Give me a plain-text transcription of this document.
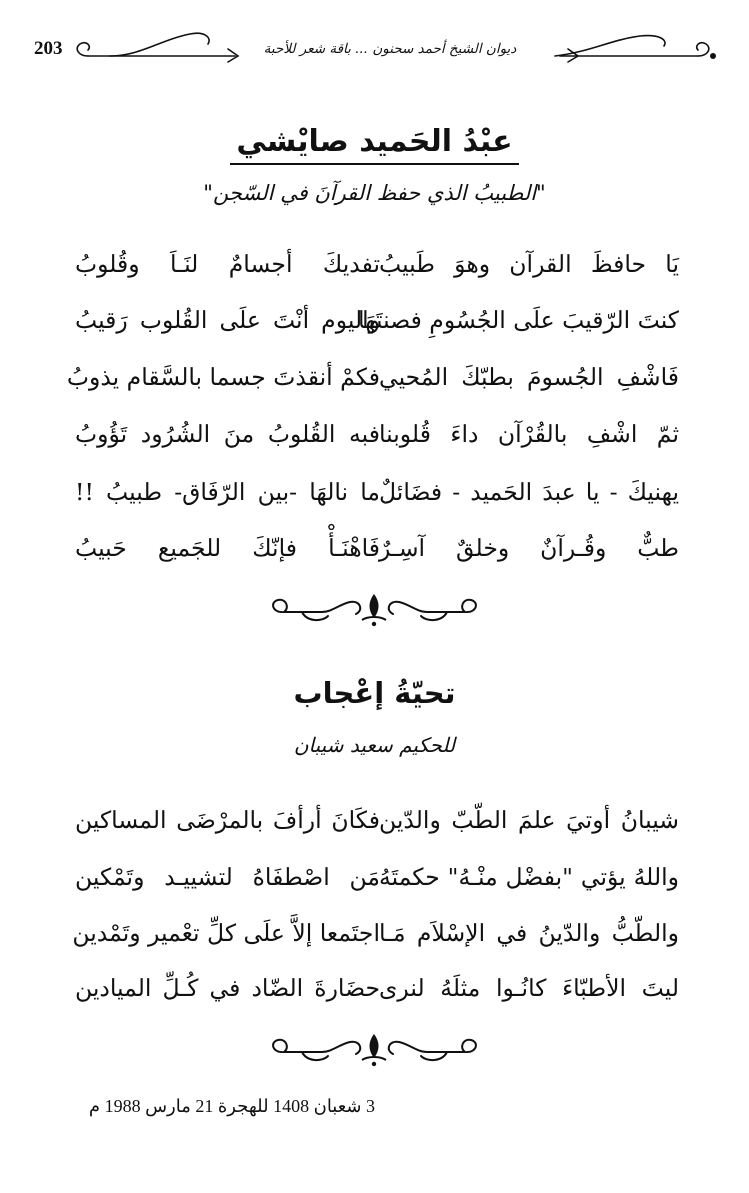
203	ديوان الشيخ أحمد سحنون ... باقة شعر للأحبة
عبْدُ الحَميد صايْشي
"الطبيبُ الذي حفظ القرآنَ في السّجن"
يَا حافظَ القرآن وهوَ طَبيبُ
تفديكَ أجسامٌ لنَـاَ وقُلوبُ
كنتَ الرّقيبَ علَى الجُسُومِ فصنتَهَا
واليوم أنْتَ علَى القُلوب رَقيبُ
فَاشْفِ الجُسومَ بطبّكَ المُحيي
فكمْ أنقذتَ جسما بالسَّقام يذوبُ
ثمّ اشْفِ بالقُرْآن داءَ قُلوبنا
فبه القُلوبُ منَ الشُرُود تَؤُوبُ
يهنيكَ - يا عبدَ الحَميد - فضَائلٌ
ما نالهَا -بين الرّفَاق- طبيبُ !!
طبٌّ وقُـرآنٌ وخلقٌ آسِـرٌ
فَاهْنَـأْ فإنّكَ للجَميع حَبيبُ
تحيّةُ إعْجاب
للحكيم سعيد شيبان
شيبانُ أوتيَ علمَ الطّبّ والدّين
فكَانَ أرأفَ بالمرْضَى المساكين
واللهُ يؤتي "بفضْل منْـهُ" حكمتَهُ
مَن اصْطفَاهُ لتشييـد وتَمْكين
والطّبُّ والدّينُ في الإسْلاَم مَـا
اجتَمعا إلاَّ علَى كلِّ تعْمير وتَمْدين
ليتَ الأطبّاءَ كانُـوا مثلَهُ لنرى
حضَارةَ الضّاد في كُـلِّ الميادين
3 شعبان 1408 للهجرة 21 مارس 1988 م
